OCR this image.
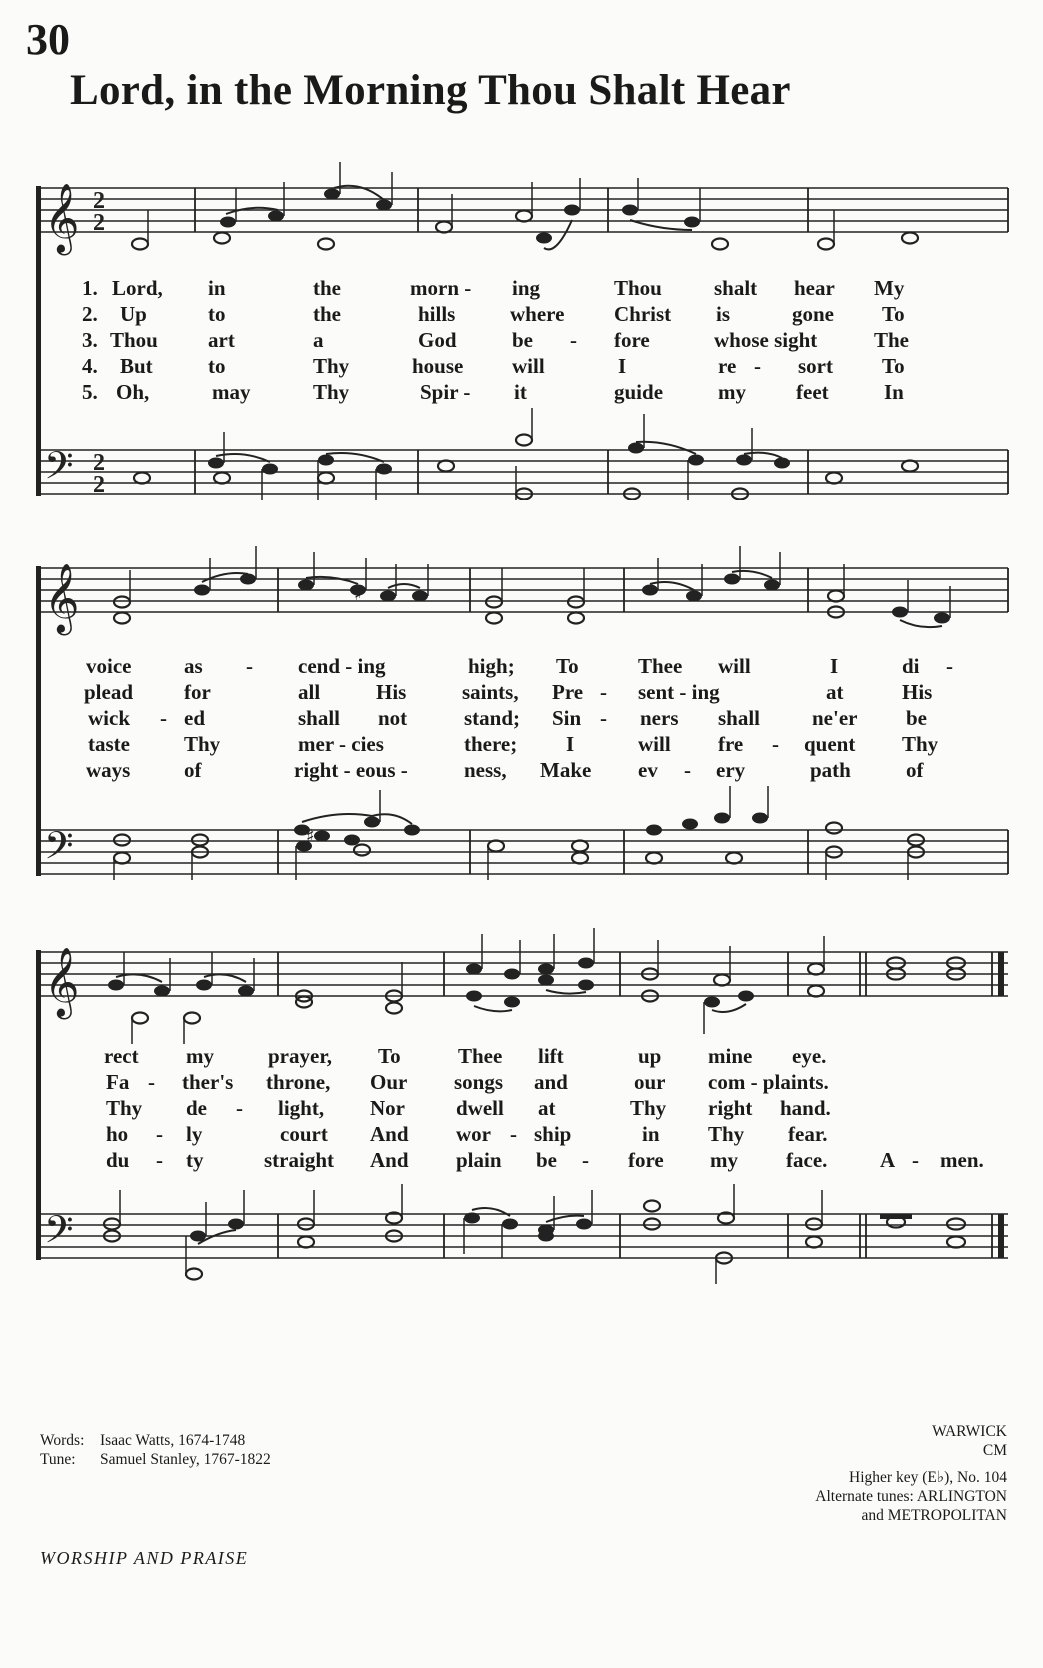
30
Lord, in the Morning Thou Shalt Hear
𝄞
𝄢
2
2
2
2
1. Lord, in	the	morn - ing	Thou shalt hear My
2. Up	to	the	hills	where Christ is	gone To
3. Thou art	a	God	be - fore	whose sight	The
4. But	to	Thy	house will	I	re - sort To
5. Oh,	may	Thy	Spir - it	guide	my feet	In
𝄞
𝄢
♯
♯
voice	as - cend - ing	high; To	Thee will	I	di -
plead for	all	His	saints, Pre - sent - ing	at	His
wick - ed	shall not	stand; Sin - ners shall ne'er be
taste	Thy	mer - cies	there; I	will fre - quent Thy
ways	of	right - eous -	ness, Make ev - ery	path	of
𝄞
𝄢
rect my	prayer, To	Thee lift	up mine eye.
Fa - ther's throne, Our songs and	our com - plaints.
Thy de - light, Nor dwell at	Thy right hand.
ho - ly	court And wor - ship	in Thy fear.
du - ty	straight And plain be - fore my face.	A - men.
Words: Isaac Watts, 1674-1748
Tune: Samuel Stanley, 1767-1822
WARWICK
CM
Higher key (E♭), No. 104
Alternate tunes: ARLINGTON
and METROPOLITAN
WORSHIP AND PRAISE
